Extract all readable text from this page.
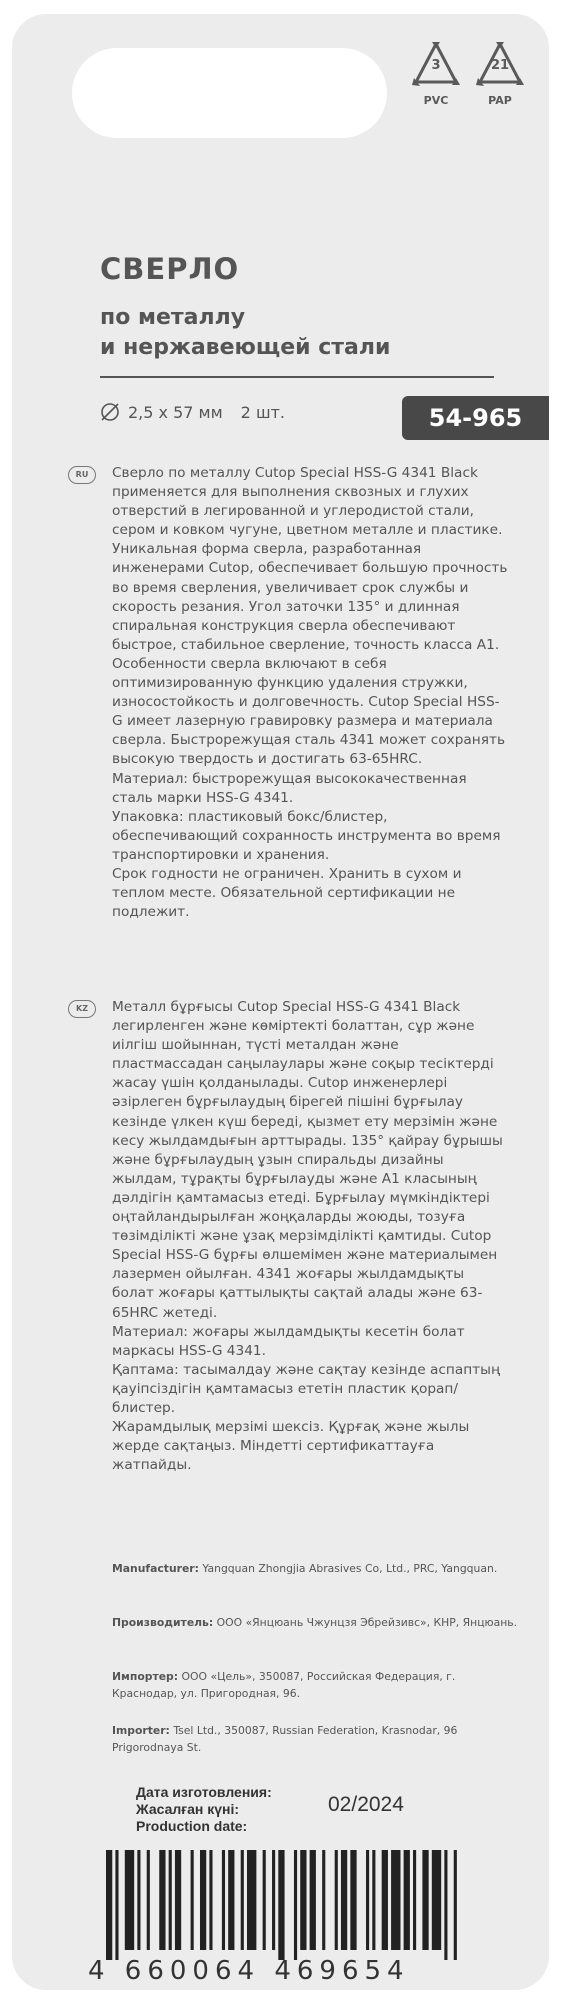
3
PVC
21
PAP
СВЕРЛО
по металлу
и нержавеющей стали
2,5 x 57 мм 2 шт.	54-965
RU	Сверло по металлу Cutop Special HSS-G 4341 Black применяется для выполнения сквозных и глухих отверстий в легированной и углеродистой стали, сером и ковком чугуне, цветном металле и пластике. Уникальная форма сверла, разработанная инженерами Cutop, обеспечивает большую прочность во время сверления, увеличивает срок службы и скорость резания. Угол заточки 135° и длинная спиральная конструкция сверла обеспечивают быстрое, стабильное сверление, точность класса А1. Особенности сверла включают в себя оптимизированную функцию удаления стружки, износостойкость и долговечность. Cutop Special HSS-G имеет лазерную гравировку размера и материала сверла. Быстрорежущая сталь 4341 может сохранять высокую твердость и достигать 63-65HRC.
Материал: быстрорежущая высококачественная сталь марки HSS-G 4341.
Упаковка: пластиковый бокс/блистер, обеспечивающий сохранность инструмента во время транспортировки и хранения.
Срок годности не ограничен. Хранить в сухом и теплом месте. Обязательной сертификации не подлежит.

KZ	Металл бұрғысы Cutop Special HSS-G 4341 Black легирленген және көміртекті болаттан, сұр және иілгіш шойыннан, түсті металдан және пластмассадан саңылаулары және соқыр тесіктерді жасау үшін қолданылады. Cutop инженерлері әзірлеген бұрғылаудың бірегей пішіні бұрғылау кезінде үлкен күш береді, қызмет ету мерзімін және кесу жылдамдығын арттырады. 135° қайрау бұрышы және бұрғылаудың ұзын спиральды дизайны жылдам, тұрақты бұрғылауды және А1 класының дәлдігін қамтамасыз етеді. Бұрғылау мүмкіндіктері оңтайландырылған жоңқаларды жоюды, тозуға төзімділікті және ұзақ мерзімділікті қамтиды. Cutop Special HSS-G бұрғы өлшемімен және материалымен лазермен ойылған. 4341 жоғары жылдамдықты болат жоғары қаттылықты сақтай алады және 63-65HRC жетеді.
Материал: жоғары жылдамдықты кесетін болат маркасы HSS-G 4341.
Қаптама: тасымалдау және сақтау кезінде аспаптың қауіпсіздігін қамтамасыз ететін пластик қорап/блистер.
Жарамдылық мерзімі шексіз. Құрғақ және жылы жерде сақтаңыз. Міндетті сертификаттауға жатпайды.

Manufacturer: Yangquan Zhongjia Abrasives Co, Ltd., PRC, Yangquan.

Производитель: ООО «Янцюань Чжунцзя Эбрейзивс», КНР, Янцюань.

Импортер: ООО «Цель», 350087, Российская Федерация, г. Краснодар, ул. Пригородная, 96.

Importer: Tsel Ltd., 350087, Russian Federation, Krasnodar, 96 Prigorodnaya St.

Дата изготовления:

Жасалған күні:

Production date:

02/2024
4 660064 469654
